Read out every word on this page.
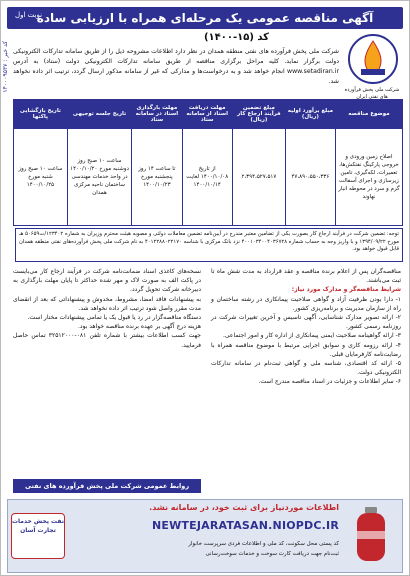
آگهی مناقصه عمومی یک مرحله‌ای همراه با ارزیابی ساده
نوبت اول
کد خبر : ۱۴۰۰۰۹۵۳۷
شرکت ملی پخش فرآورده های نفتی ایران
کد (۱۵-۱۴۰۰)
شرکت ملی پخش فرآورده های نفتی منطقه همدان در نظر دارد اطلاعات مشروحه ذیل را از طریق سامانه تدارکات الکترونیکی دولت برگزار نماید. کلیه مراحل برگزاری مناقصه از طریق سامانه تدارکات الکترونیکی دولت (ستاد) به آدرس www.setadiran.ir انجام خواهد شد و به درخواست‌ها و مدارکی که غیر از سامانه مذکور ارسال گردد، ترتیب اثر داده نخواهد شد.
موضوع مناقصه	مبلغ برآورد اولیه (ریال)	مبلغ تضمین فرآیند ارجاع کار (ریال)	مهلت دریافت اسناد از سامانه ستاد	مهلت بارگذاری اسناد در سامانه ستاد	تاریخ جلسه توجیهی	تاریخ بازگشایی پاکتها
اصلاح زمین ورودی و خروجی پارکینگ نفتکش‌ها، تعمیرات، لکه‌گیری، تامین زیرسازی و اجرای آسفالت گرم و سرد در محوطه انبار نهاوند	۴۷،۸۹۰،۵۵۰،۳۳۶	۲،۳۹۴،۵۲۷،۵۱۷	از تاریخ ۱۴۰۰/۱۰/۰۸ لغایت ۱۴۰۰/۱۰/۱۴	تا ساعت ۱۴ روز پنجشنبه مورخ ۱۴۰۰/۱۰/۲۳	ساعت ۱۰ صبح روز دوشنبه مورخ ۱۴۰۰/۱۰/۲۰ در واحد خدمات مهندسی ساختمان ناحیه مرکزی همدان	ساعت ۱۰ صبح روز شنبه مورخ ۱۴۰۰/۱۰/۲۵
توجه: تضمین شرکت در فرآیند ارجاع کار بصورت یکی از تضامین معتبر مندرج در آیین‌نامه تضمین معاملات دولتی و مصوبه هیئت محترم وزیران به شماره ۱۲۳۴۰۲/ت۵۰۶۵۹ هـ مورخ ۱۳۹۴/۰۹/۲۲ و با واریز وجه به حساب شماره ۴۰۰۱۰۳۴۰۰۴۰۳۶۷۲۸ نزد بانک مرکزی با شناسه ۴۰۱۲۲۸۸۰۲۲۱۷۰ به نام شرکت ملی پخش فرآورده‌های نفتی منطقه همدان قابل قبول خواهد بود.
مناقصه‌گران پس از اعلام برنده مناقصه و عقد قرارداد به مدت شش ماه تا ثبت می‌باشند.
شرایط مناقصه‌گر و مدارک مورد نیاز:
۱- دارا بودن ظرفیت آزاد و گواهی صلاحیت پیمانکاری در رشته ساختمان و راه از سازمان مدیریت و برنامه‌ریزی کشور.
۲- ارائه تصویر مدارک شناسایی، آگهی تاسیس و آخرین تغییرات شرکت در روزنامه رسمی کشور.
۳- ارائه گواهینامه صلاحیت ایمنی پیمانکاری از اداره کار و امور اجتماعی.
۴- ارائه رزومه کاری و سوابق اجرایی مرتبط با موضوع مناقصه همراه با رضایت‌نامه کارفرمایان قبلی.
۵- ارائه کد اقتصادی، شناسه ملی و گواهی ثبت‌نام در سامانه تدارکات الکترونیکی دولت.
۶- سایر اطلاعات و جزئیات در اسناد مناقصه مندرج است.
نسخه‌های کاغذی اسناد ضمانت‌نامه شرکت در فرآیند ارجاع کار می‌بایست در پاکت الف به صورت لاک و مهر شده حداکثر تا پایان مهلت بارگذاری به دبیرخانه شرکت تحویل گردد.
به پیشنهادات فاقد امضا، مشروط، مخدوش و پیشنهاداتی که بعد از انقضای مدت مقرر واصل شود ترتیب اثر داده نخواهد شد.
دستگاه مناقصه‌گزار در رد یا قبول یک یا تمامی پیشنهادات مختار است.
هزینه درج آگهی بر عهده برنده مناقصه خواهد بود.
جهت کسب اطلاعات بیشتر با شماره تلفن ۰۸۱-۳۲۵۱۲۰۰۰ تماس حاصل فرمایید.
روابط عمومی شرکت ملی پخش فرآورده های نفتی
اطلاعات موردنیاز برای ثبت خود، در سامانه نشد.
NEWTEJARATASAN.NIOPDC.IR
کد پستی محل سکونت، کد ملی و اطلاعات فردی سرپرست خانوار
ثبت‌نام جهت دریافت کارت سوخت و خدمات سوخت‌رسانی
نفت پخش خدمات تجارت آسان
